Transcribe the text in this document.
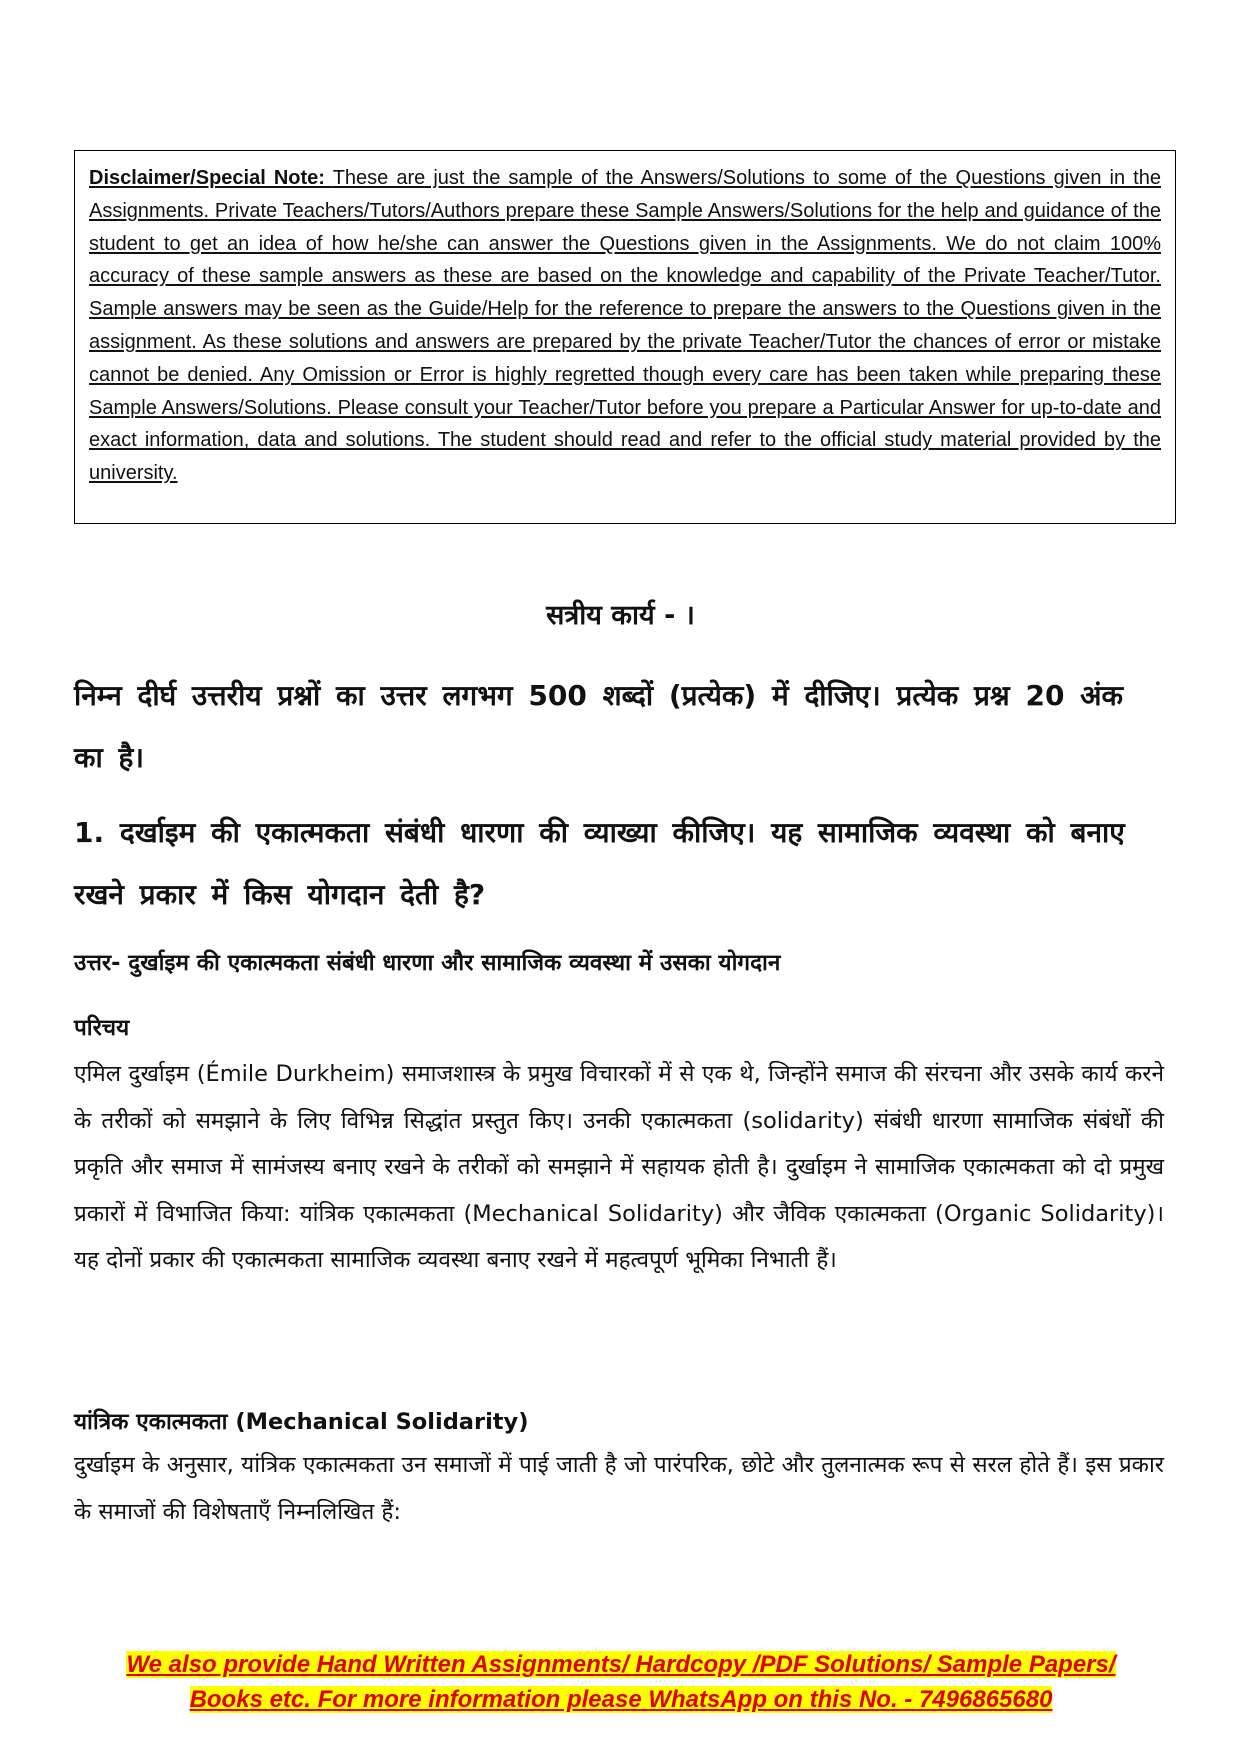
Disclaimer/Special Note: These are just the sample of the Answers/Solutions to some of the Questions given in the Assignments. Private Teachers/Tutors/Authors prepare these Sample Answers/Solutions for the help and guidance of the student to get an idea of how he/she can answer the Questions given in the Assignments. We do not claim 100% accuracy of these sample answers as these are based on the knowledge and capability of the Private Teacher/Tutor. Sample answers may be seen as the Guide/Help for the reference to prepare the answers to the Questions given in the assignment. As these solutions and answers are prepared by the private Teacher/Tutor the chances of error or mistake cannot be denied. Any Omission or Error is highly regretted though every care has been taken while preparing these Sample Answers/Solutions. Please consult your Teacher/Tutor before you prepare a Particular Answer for up-to-date and exact information, data and solutions. The student should read and refer to the official study material provided by the university.
सत्रीय कार्य - ।
निम्न दीर्घ उत्तरीय प्रश्नों का उत्तर लगभग 500 शब्दों (प्रत्येक) में दीजिए। प्रत्येक प्रश्न 20 अंक का है।
1. दर्खाइम की एकात्मकता संबंधी धारणा की व्याख्या कीजिए। यह सामाजिक व्यवस्था को बनाए रखने प्रकार में किस योगदान देती है?
उत्तर- दुर्खाइम की एकात्मकता संबंधी धारणा और सामाजिक व्यवस्था में उसका योगदान
परिचय
एमिल दुर्खाइम (Émile Durkheim) समाजशास्त्र के प्रमुख विचारकों में से एक थे, जिन्होंने समाज की संरचना और उसके कार्य करने के तरीकों को समझाने के लिए विभिन्न सिद्धांत प्रस्तुत किए। उनकी एकात्मकता (solidarity) संबंधी धारणा सामाजिक संबंधों की प्रकृति और समाज में सामंजस्य बनाए रखने के तरीकों को समझाने में सहायक होती है। दुर्खाइम ने सामाजिक एकात्मकता को दो प्रमुख प्रकारों में विभाजित किया: यांत्रिक एकात्मकता (Mechanical Solidarity) और जैविक एकात्मकता (Organic Solidarity)। यह दोनों प्रकार की एकात्मकता सामाजिक व्यवस्था बनाए रखने में महत्वपूर्ण भूमिका निभाती हैं।
यांत्रिक एकात्मकता (Mechanical Solidarity)
दुर्खाइम के अनुसार, यांत्रिक एकात्मकता उन समाजों में पाई जाती है जो पारंपरिक, छोटे और तुलनात्मक रूप से सरल होते हैं। इस प्रकार के समाजों की विशेषताएँ निम्नलिखित हैं:
We also provide Hand Written Assignments/ Hardcopy /PDF Solutions/ Sample Papers/
Books etc. For more information please WhatsApp on this No. - 7496865680
